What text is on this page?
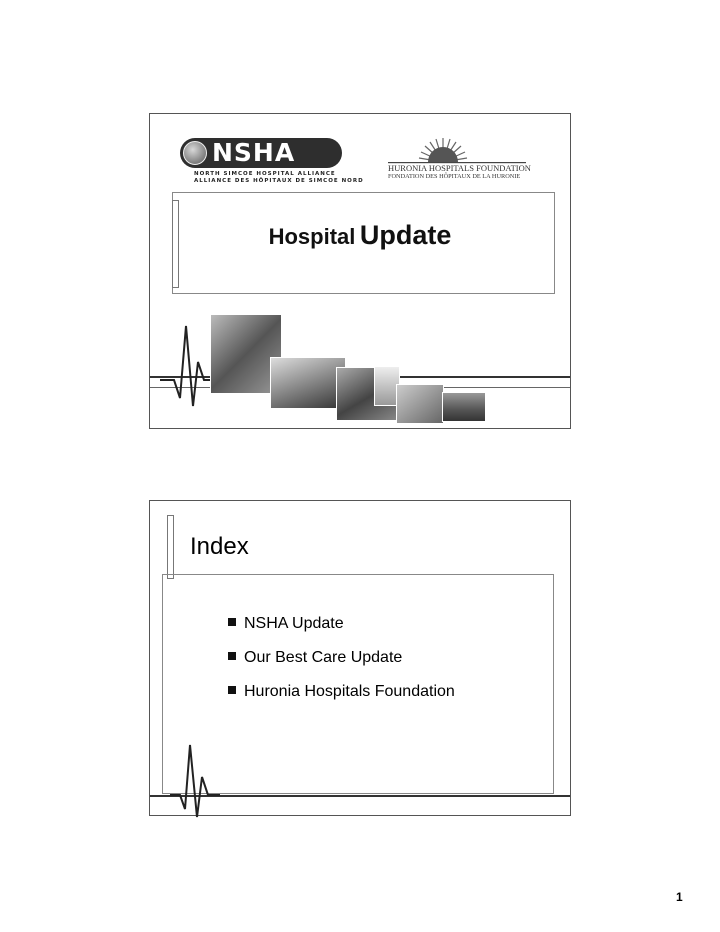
NSHA
NORTH SIMCOE HOSPITAL ALLIANCE
ALLIANCE DES HÔPITAUX DE SIMCOE NORD
HURONIA HOSPITALS FOUNDATION
FONDATION DES HÔPITAUX DE LA HURONIE
Hospital Update
Index
NSHA Update
Our Best Care Update
Huronia Hospitals Foundation
1
